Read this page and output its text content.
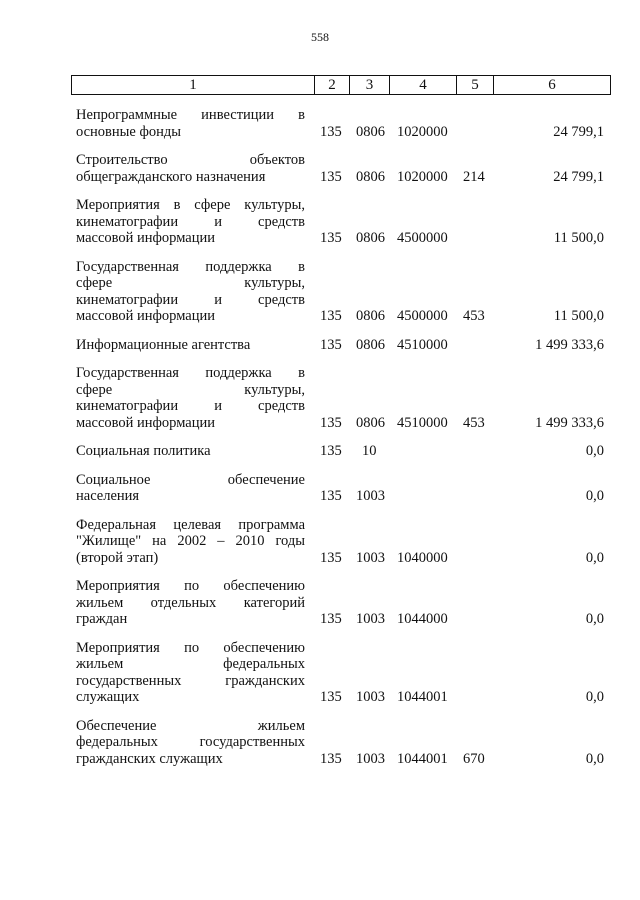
558
1	2	3	4	5	6
Непрограммные инвестиции в
основные фонды	135 0806 1020000	24 799,1
Строительство объектов
общегражданского назначения	135 0806 1020000 214	24 799,1
Мероприятия в сфере культуры,
кинематографии и средств
массовой информации	135 0806 4500000	11 500,0
Государственная поддержка в
сфере культуры,
кинематографии и средств
массовой информации	135 0806 4500000 453	11 500,0
Информационные агентства	135 0806 4510000	1 499 333,6
Государственная поддержка в
сфере культуры,
кинематографии и средств
массовой информации	135 0806 4510000 453	1 499 333,6
Социальная политика	135 10	0,0
Социальное обеспечение
населения	135 1003	0,0
Федеральная целевая программа
"Жилище" на 2002 – 2010 годы
(второй этап)	135 1003 1040000	0,0
Мероприятия по обеспечению
жильем отдельных категорий
граждан	135 1003 1044000	0,0
Мероприятия по обеспечению
жильем федеральных
государственных гражданских
служащих	135 1003 1044001	0,0
Обеспечение жильем
федеральных государственных
гражданских служащих	135 1003 1044001 670	0,0
